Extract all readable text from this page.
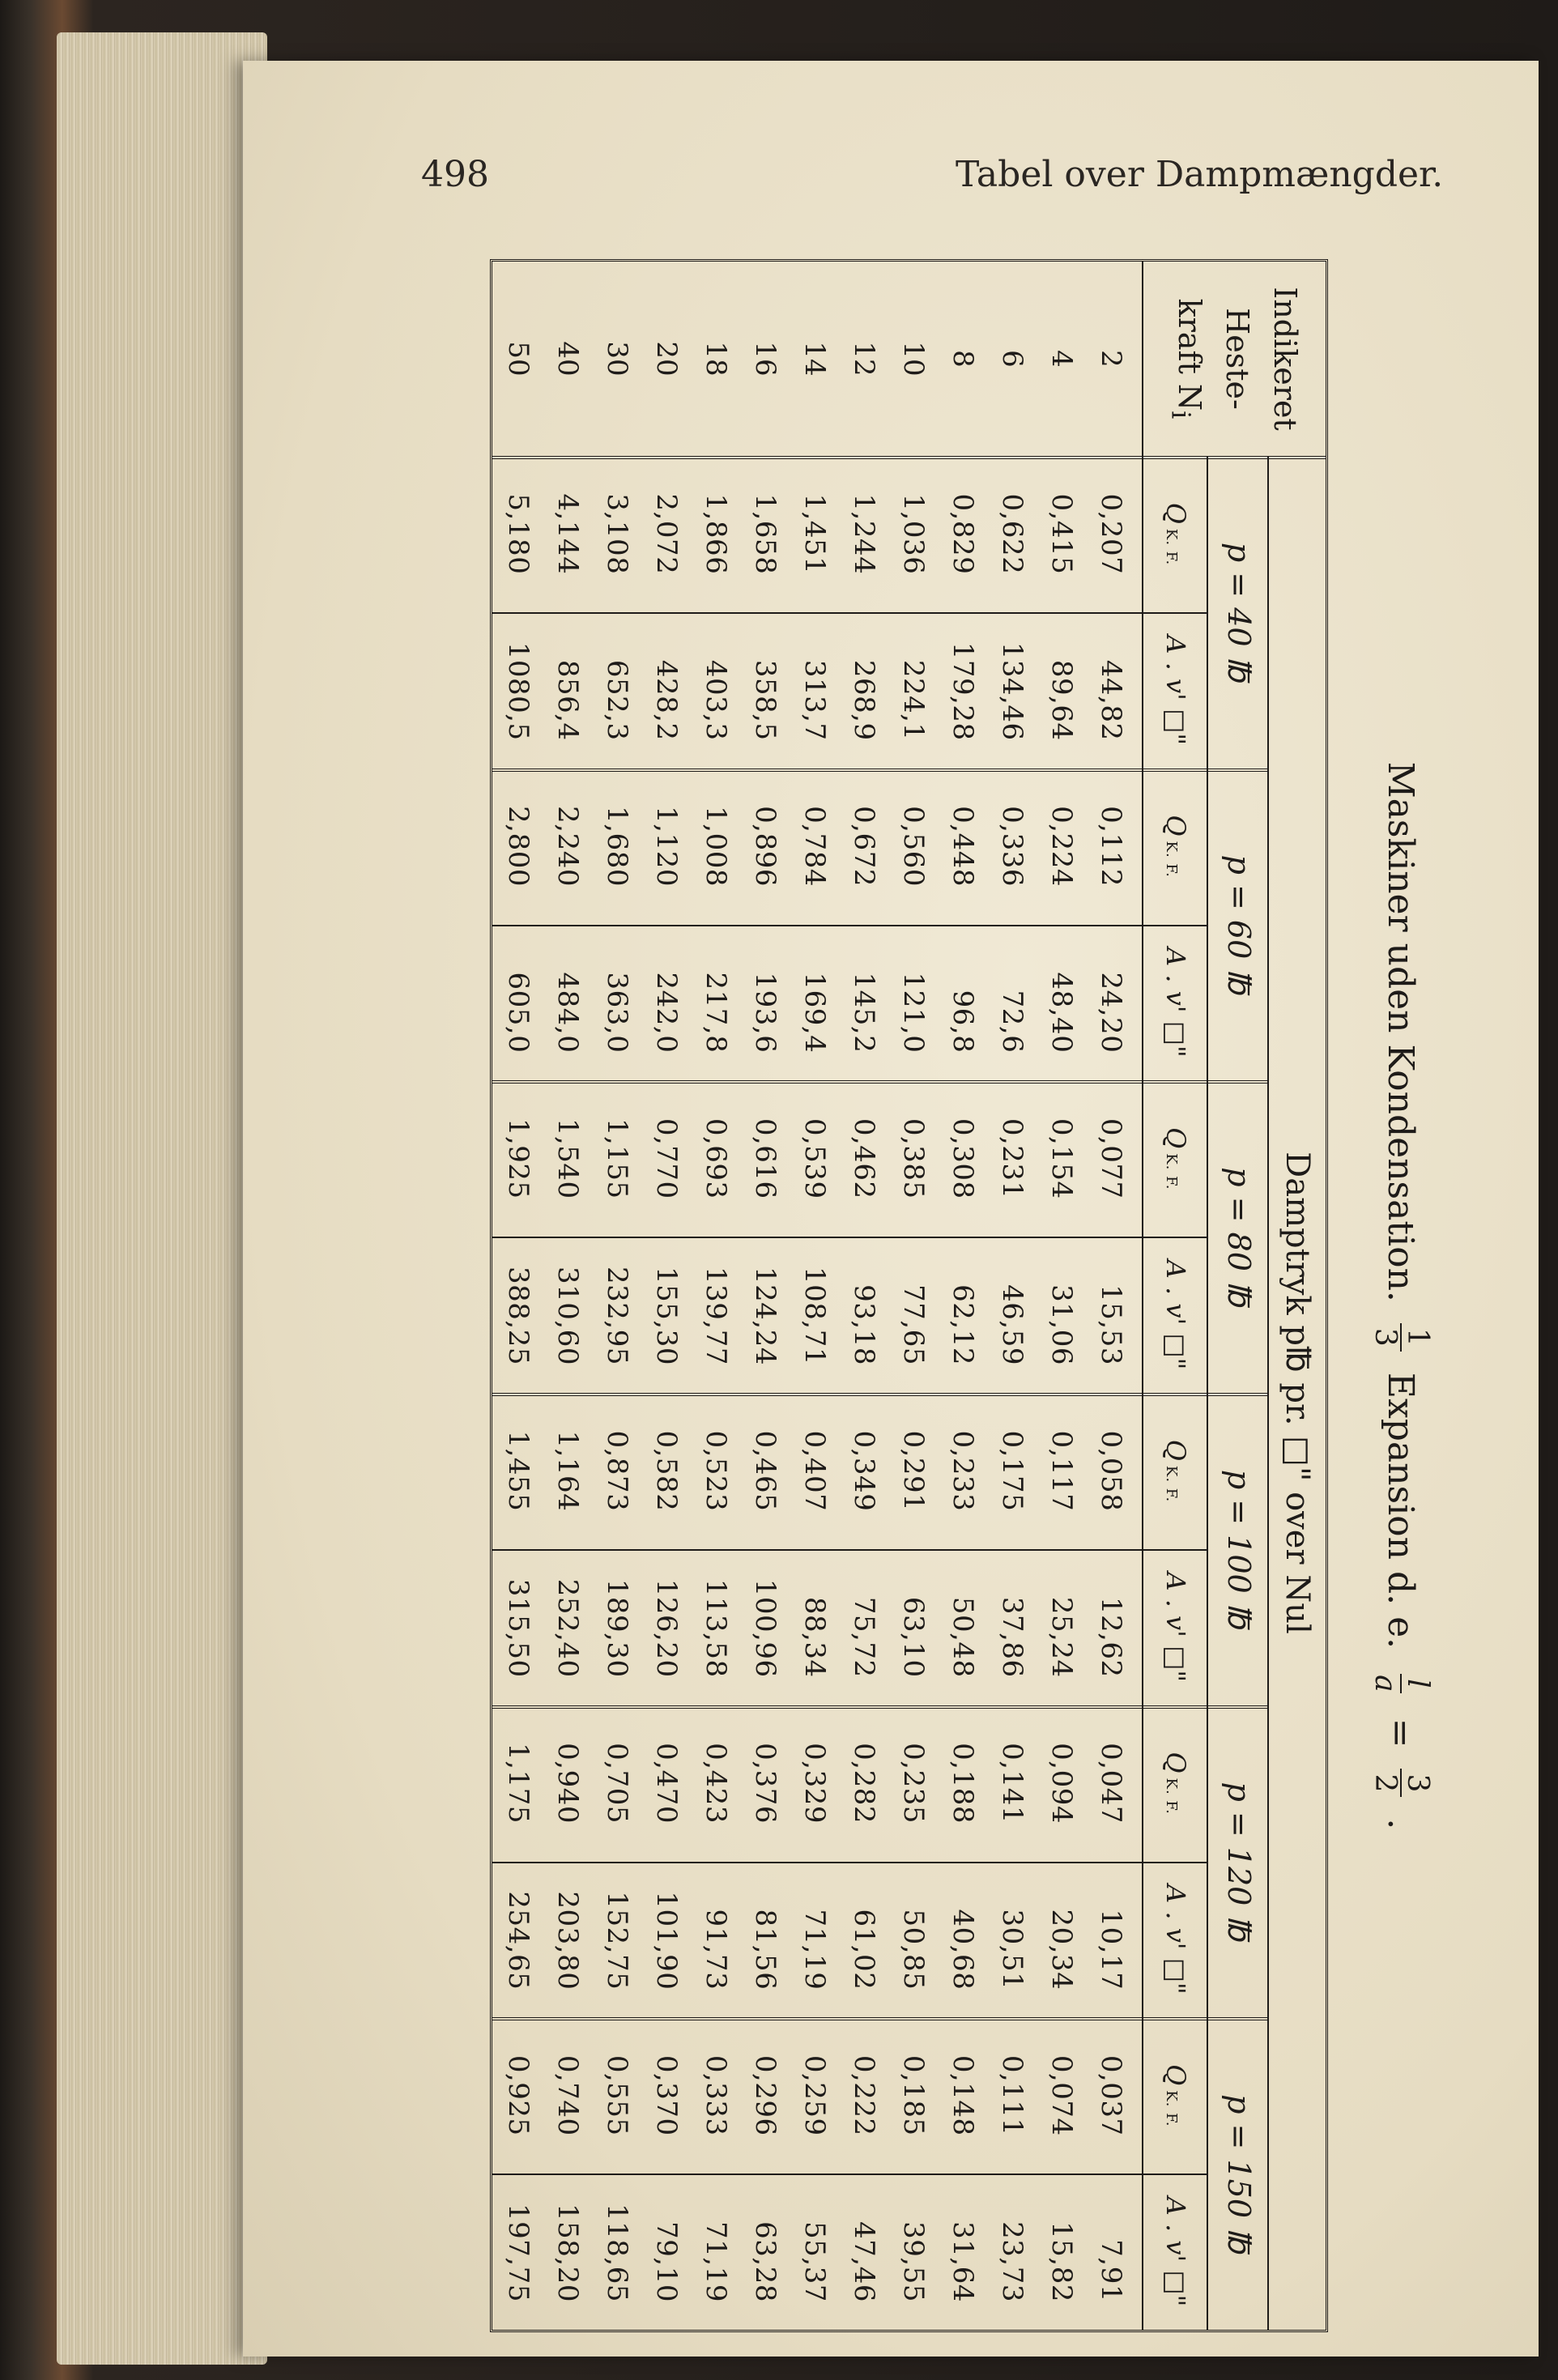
498	Tabel over Dampmængder.
Maskiner uden Kondensation.
1
3
Expansion d. e.
l
a
=
3
2
.
Indikeret
Heste-
kraft $N_i$
Damptryk p℔ pr. □" over Nul
p = 40 ℔
QK. F.
A . v' □"
p = 60 ℔
QK. F.
A . v' □"
p = 80 ℔
QK. F.
A . v' □"
p = 100 ℔
QK. F.
A . v' □"
p = 120 ℔
QK. F.
A . v' □"
p = 150 ℔
QK. F.
A . v' □"
2
0,207
44,82
0,112
24,20
0,077
15,53
0,058
12,62
0,047
10,17
0,037
7,91
4
0,415
89,64
0,224
48,40
0,154
31,06
0,117
25,24
0,094
20,34
0,074
15,82
6
0,622
134,46
0,336
72,6
0,231
46,59
0,175
37,86
0,141
30,51
0,111
23,73
8
0,829
179,28
0,448
96,8
0,308
62,12
0,233
50,48
0,188
40,68
0,148
31,64
10
1,036
224,1
0,560
121,0
0,385
77,65
0,291
63,10
0,235
50,85
0,185
39,55
12
1,244
268,9
0,672
145,2
0,462
93,18
0,349
75,72
0,282
61,02
0,222
47,46
14
1,451
313,7
0,784
169,4
0,539
108,71
0,407
88,34
0,329
71,19
0,259
55,37
16
1,658
358,5
0,896
193,6
0,616
124,24
0,465
100,96
0,376
81,56
0,296
63,28
18
1,866
403,3
1,008
217,8
0,693
139,77
0,523
113,58
0,423
91,73
0,333
71,19
20
2,072
428,2
1,120
242,0
0,770
155,30
0,582
126,20
0,470
101,90
0,370
79,10
30
3,108
652,3
1,680
363,0
1,155
232,95
0,873
189,30
0,705
152,75
0,555
118,65
40
4,144
856,4
2,240
484,0
1,540
310,60
1,164
252,40
0,940
203,80
0,740
158,20
50
5,180
1080,5
2,800
605,0
1,925
388,25
1,455
315,50
1,175
254,65
0,925
197,75
